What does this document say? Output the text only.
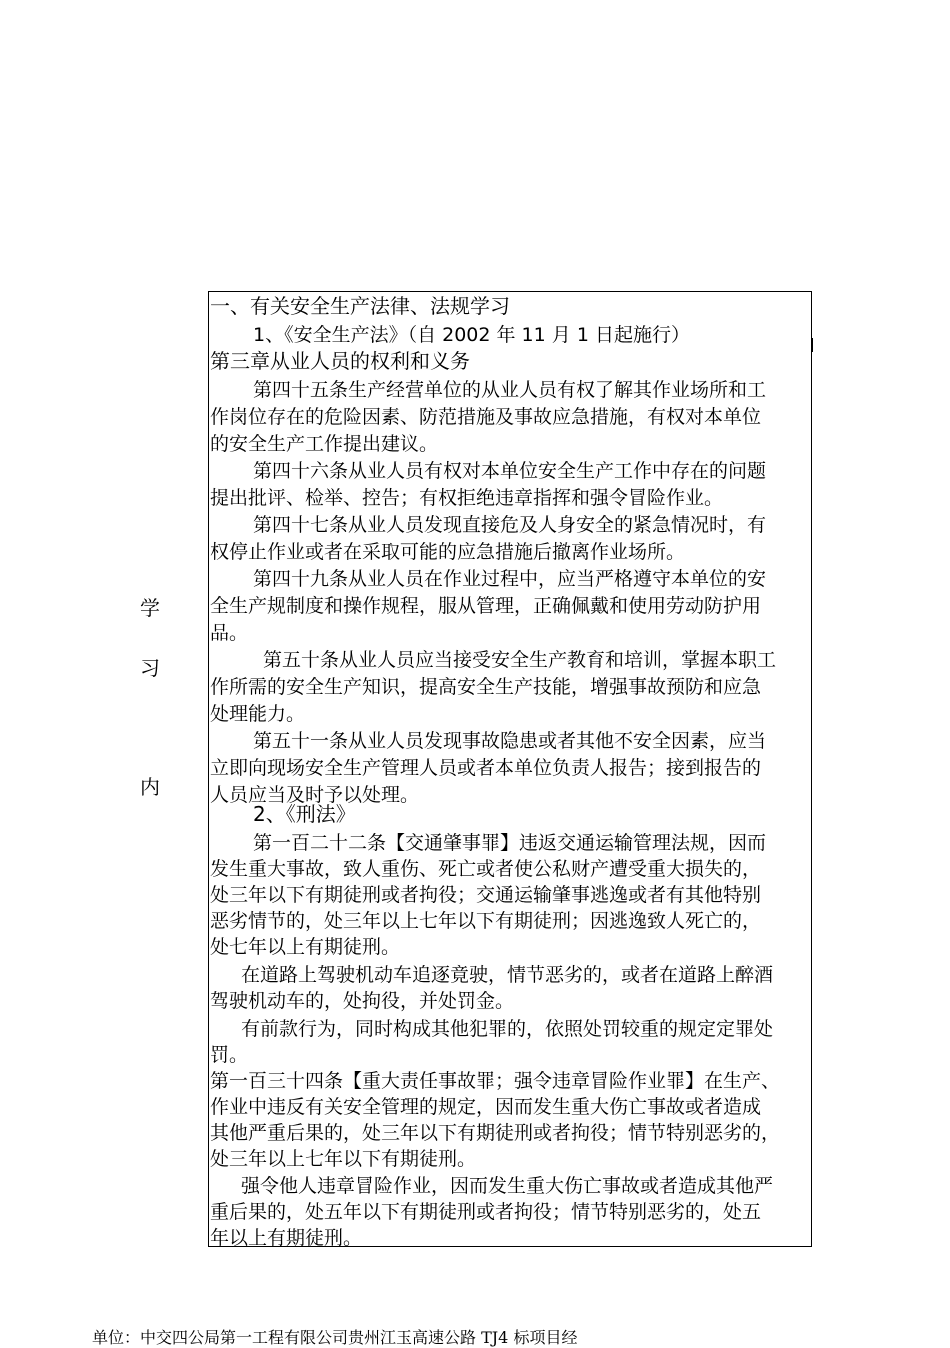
学
习
内
一、有关安全生产法律、法规学习
1、《安全生产法》（自 2002 年 11 月 1 日起施行）
第三章从业人员的权利和义务
第四十五条生产经营单位的从业人员有权了解其作业场所和工
作岗位存在的危险因素、防范措施及事故应急措施，有权对本单位
的安全生产工作提出建议。
第四十六条从业人员有权对本单位安全生产工作中存在的问题
提出批评、检举、控告；有权拒绝违章指挥和强令冒险作业。
第四十七条从业人员发现直接危及人身安全的紧急情况时，有
权停止作业或者在采取可能的应急措施后撤离作业场所。
第四十九条从业人员在作业过程中，应当严格遵守本单位的安
全生产规制度和操作规程，服从管理，正确佩戴和使用劳动防护用
品。
第五十条从业人员应当接受安全生产教育和培训，掌握本职工
作所需的安全生产知识，提高安全生产技能，增强事故预防和应急
处理能力。
第五十一条从业人员发现事故隐患或者其他不安全因素，应当
立即向现场安全生产管理人员或者本单位负责人报告；接到报告的
人员应当及时予以处理。
2、《刑法》
第一百二十二条【交通肇事罪】违返交通运输管理法规，因而
发生重大事故，致人重伤、死亡或者使公私财产遭受重大损失的，
处三年以下有期徒刑或者拘役；交通运输肇事逃逸或者有其他特别
恶劣情节的，处三年以上七年以下有期徒刑；因逃逸致人死亡的，
处七年以上有期徒刑。
在道路上驾驶机动车追逐竟驶，情节恶劣的，或者在道路上醉酒
驾驶机动车的，处拘役，并处罚金。
有前款行为，同时构成其他犯罪的，依照处罚较重的规定定罪处
罚。
第一百三十四条【重大责任事故罪；强令违章冒险作业罪】在生产、
作业中违反有关安全管理的规定，因而发生重大伤亡事故或者造成
其他严重后果的，处三年以下有期徒刑或者拘役；情节特别恶劣的，
处三年以上七年以下有期徒刑。
强令他人违章冒险作业，因而发生重大伤亡事故或者造成其他严
重后果的，处五年以下有期徒刑或者拘役；情节特别恶劣的，处五
年以上有期徒刑。
单位：中交四公局第一工程有限公司贵州江玉高速公路 TJ4 标项目经
